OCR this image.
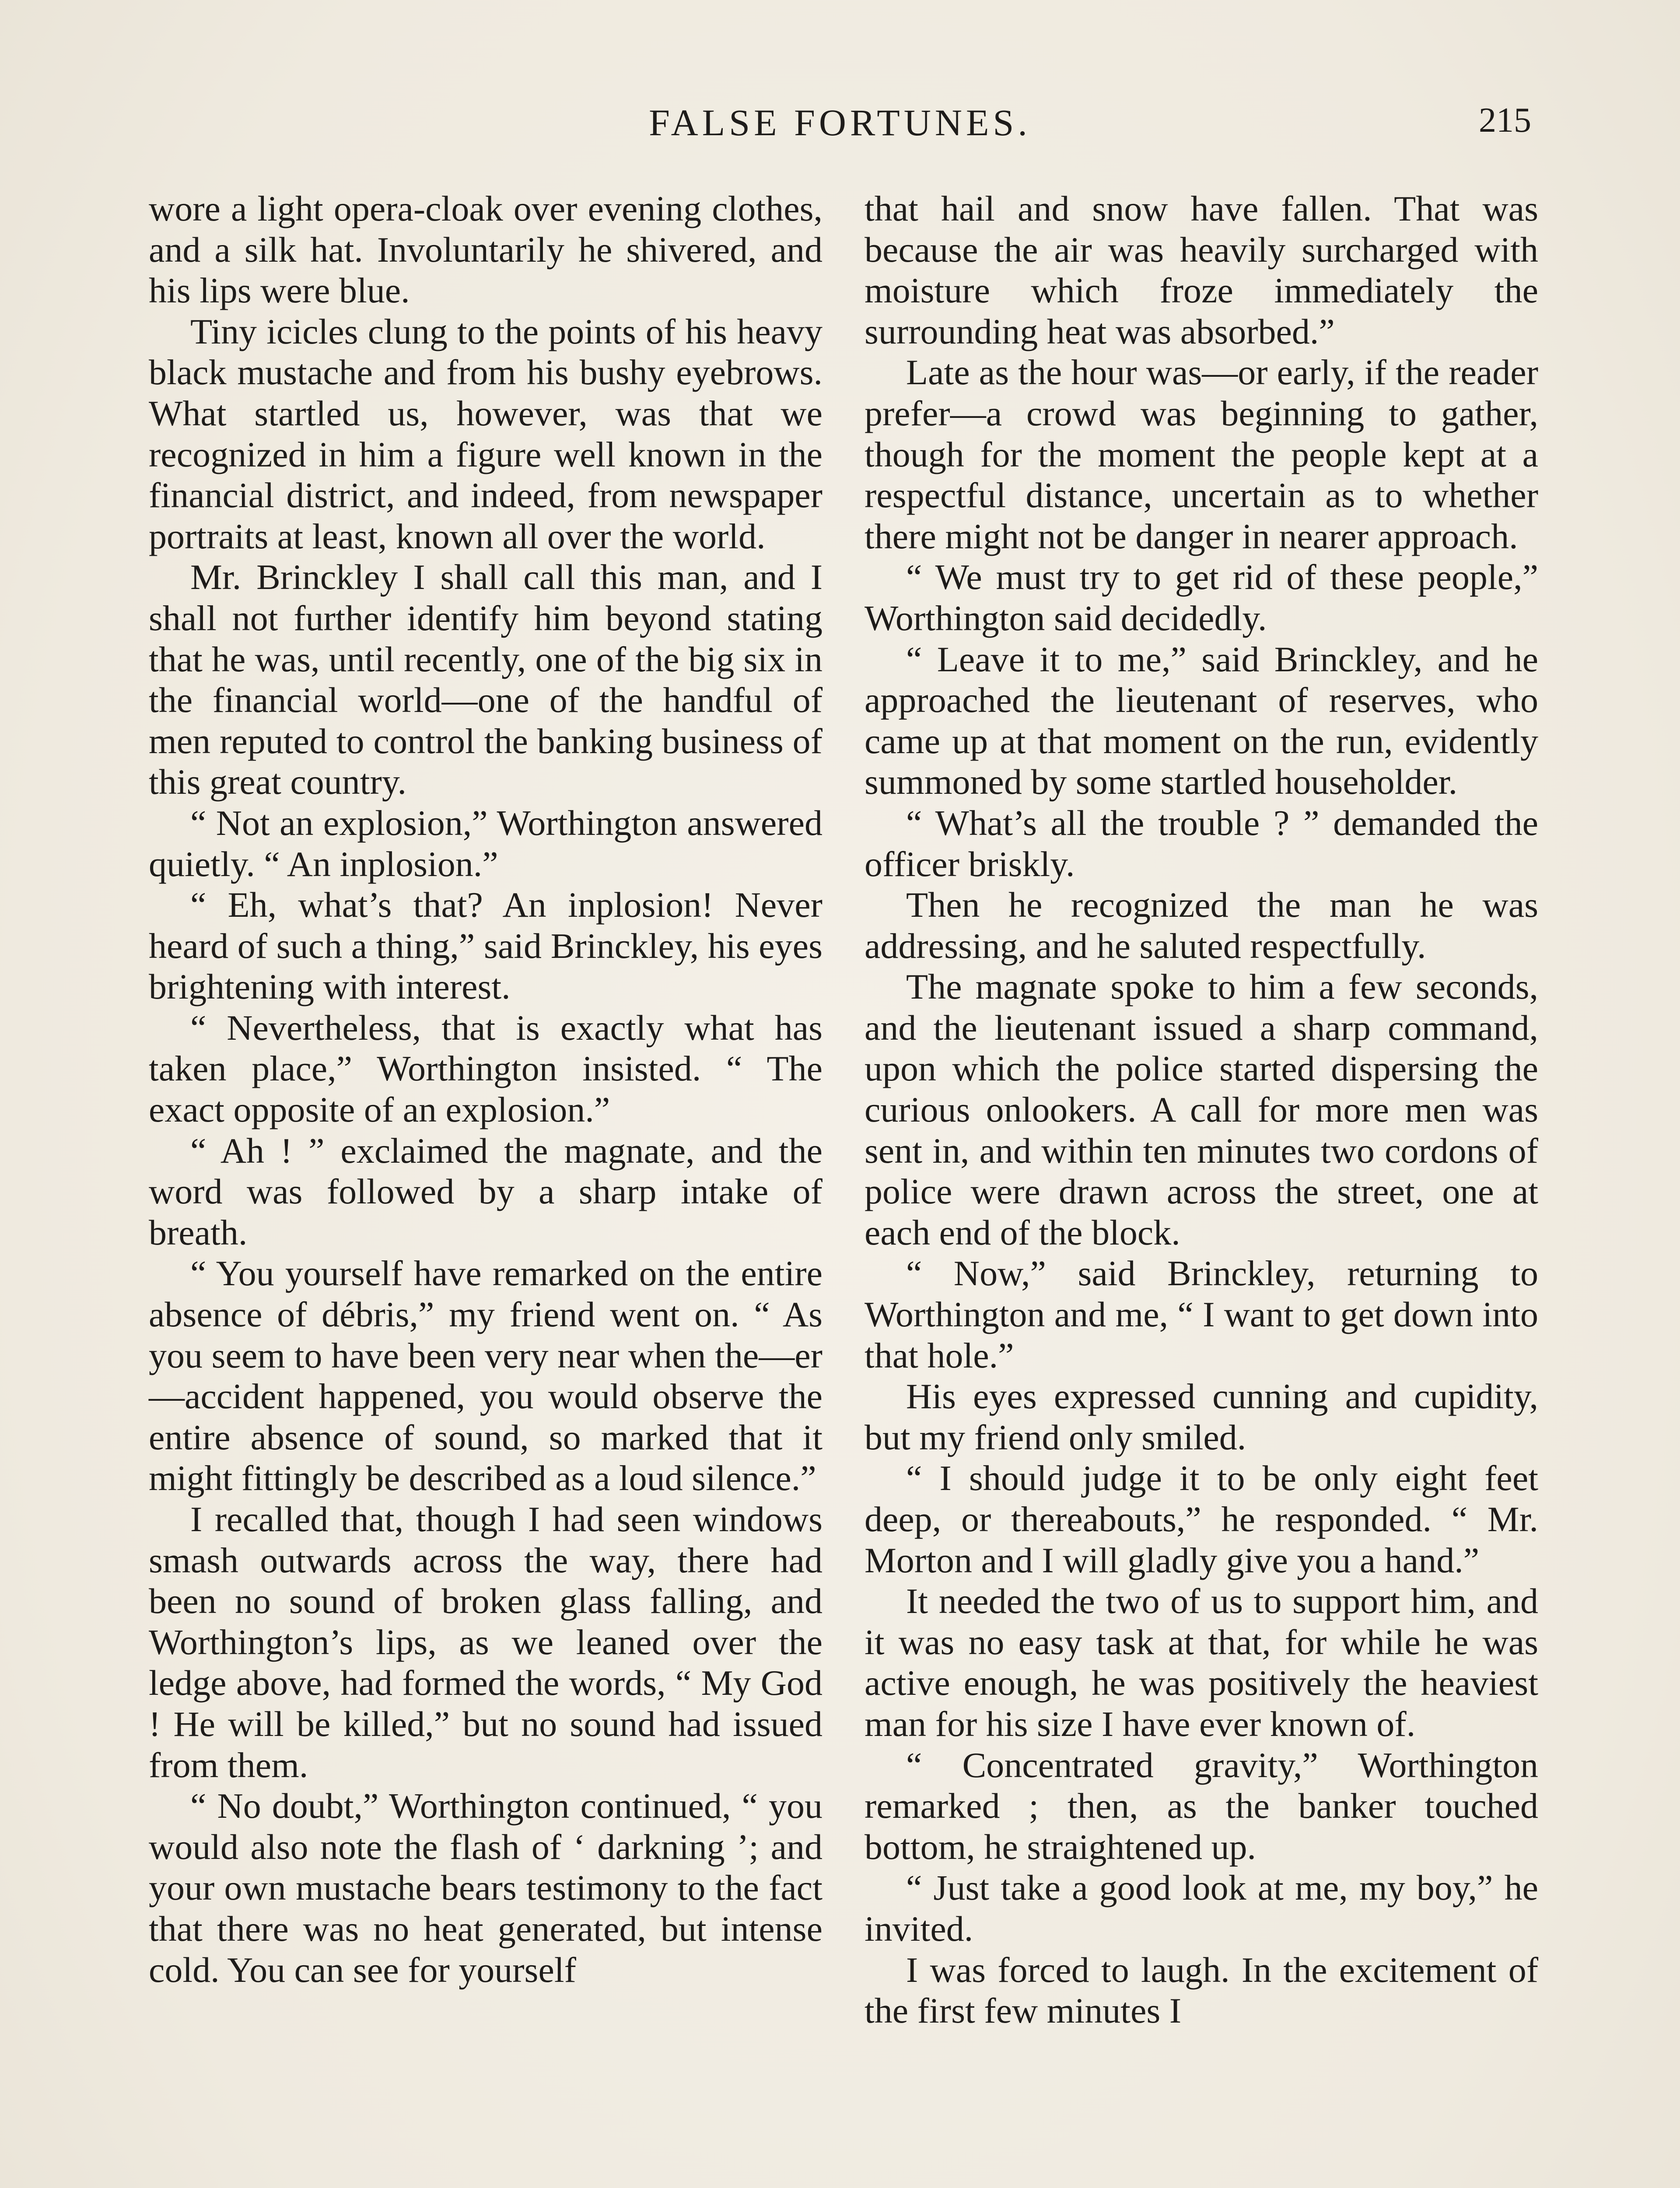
FALSE FORTUNES.	215

wore a light opera-cloak over evening clothes, and a silk hat. Involuntarily he shivered, and his lips were blue.

Tiny icicles clung to the points of his heavy black mustache and from his bushy eyebrows. What startled us, however, was that we recognized in him a figure well known in the financial district, and indeed, from newspaper portraits at least, known all over the world.

Mr. Brinckley I shall call this man, and I shall not further identify him beyond stating that he was, until recently, one of the big six in the financial world—one of the handful of men reputed to control the banking business of this great country.

“ Not an explosion,” Worthington answered quietly. “ An inplosion.”

“ Eh, what’s that? An inplosion! Never heard of such a thing,” said Brinckley, his eyes brightening with interest.

“ Nevertheless, that is exactly what has taken place,” Worthington insisted. “ The exact opposite of an explosion.”

“ Ah ! ” exclaimed the magnate, and the word was followed by a sharp intake of breath.

“ You yourself have remarked on the entire absence of débris,” my friend went on. “ As you seem to have been very near when the—er—accident happened, you would observe the entire absence of sound, so marked that it might fittingly be described as a loud silence.”

I recalled that, though I had seen windows smash outwards across the way, there had been no sound of broken glass falling, and Worthington’s lips, as we leaned over the ledge above, had formed the words, “ My God ! He will be killed,” but no sound had issued from them.

“ No doubt,” Worthington continued, “ you would also note the flash of ‘ darkning ’; and your own mustache bears testimony to the fact that there was no heat generated, but intense cold. You can see for yourself

that hail and snow have fallen. That was because the air was heavily surcharged with moisture which froze immediately the surrounding heat was absorbed.”

Late as the hour was—or early, if the reader prefer—a crowd was beginning to gather, though for the moment the people kept at a respectful distance, uncertain as to whether there might not be danger in nearer approach.

“ We must try to get rid of these people,” Worthington said decidedly.

“ Leave it to me,” said Brinckley, and he approached the lieutenant of reserves, who came up at that moment on the run, evidently summoned by some startled householder.

“ What’s all the trouble ? ” demanded the officer briskly.

Then he recognized the man he was addressing, and he saluted respectfully.

The magnate spoke to him a few seconds, and the lieutenant issued a sharp command, upon which the police started dispersing the curious onlookers. A call for more men was sent in, and within ten minutes two cordons of police were drawn across the street, one at each end of the block.

“ Now,” said Brinckley, returning to Worthington and me, “ I want to get down into that hole.”

His eyes expressed cunning and cupidity, but my friend only smiled.

“ I should judge it to be only eight feet deep, or thereabouts,” he responded. “ Mr. Morton and I will gladly give you a hand.”

It needed the two of us to support him, and it was no easy task at that, for while he was active enough, he was positively the heaviest man for his size I have ever known of.

“ Concentrated gravity,” Worthington remarked ; then, as the banker touched bottom, he straightened up.

“ Just take a good look at me, my boy,” he invited.

I was forced to laugh. In the excitement of the first few minutes I
